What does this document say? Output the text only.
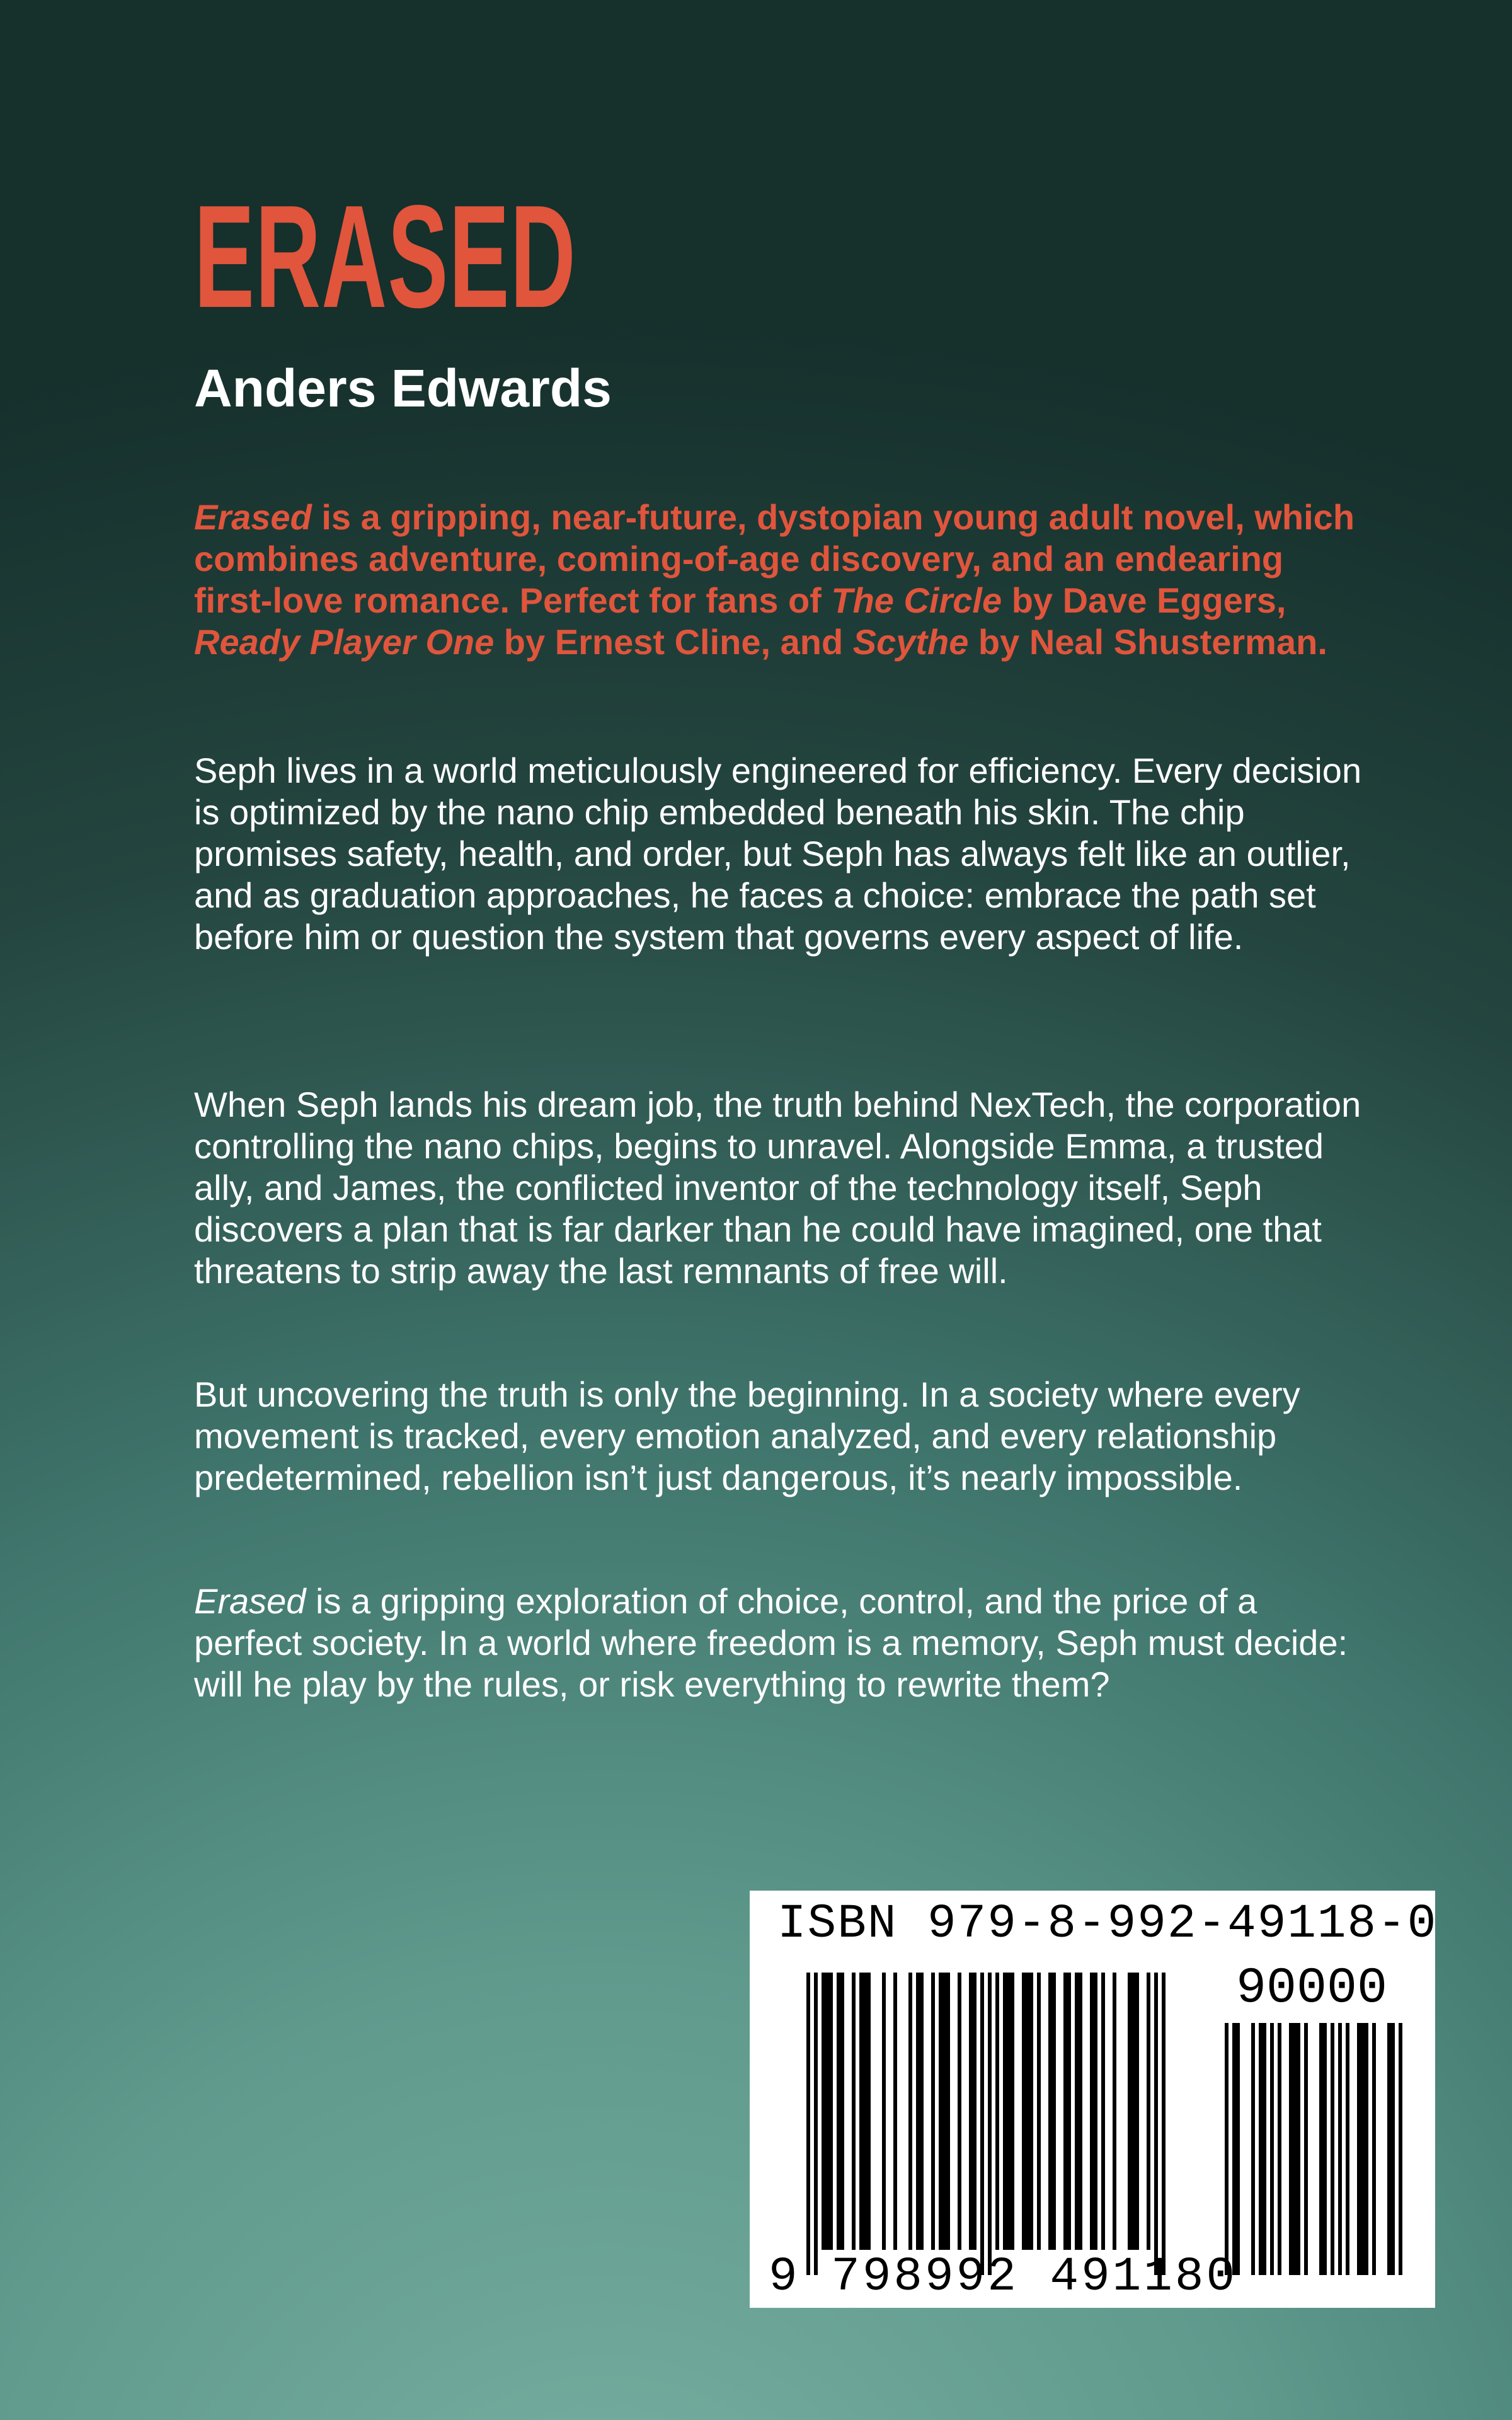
ERASED
Anders Edwards

Erased is a gripping, near-future, dystopian young adult novel, which combines adventure, coming-of-age discovery, and an endearing first-love romance. Perfect for fans of The Circle by Dave Eggers, Ready Player One by Ernest Cline, and Scythe by Neal Shusterman.

Seph lives in a world meticulously engineered for efficiency. Every decision is optimized by the nano chip embedded beneath his skin. The chip promises safety, health, and order, but Seph has always felt like an outlier, and as graduation approaches, he faces a choice: embrace the path set before him or question the system that governs every aspect of life.

When Seph lands his dream job, the truth behind NexTech, the corporation controlling the nano chips, begins to unravel. Alongside Emma, a trusted ally, and James, the conflicted inventor of the technology itself, Seph discovers a plan that is far darker than he could have imagined, one that threatens to strip away the last remnants of free will.

But uncovering the truth is only the beginning. In a society where every movement is tracked, every emotion analyzed, and every relationship predetermined, rebellion isn’t just dangerous, it’s nearly impossible.

Erased is a gripping exploration of choice, control, and the price of a perfect society. In a world where freedom is a memory, Seph must decide: will he play by the rules, or risk everything to rewrite them?

ISBN 979-8-992-49118-0
90000
9 798992 491180
